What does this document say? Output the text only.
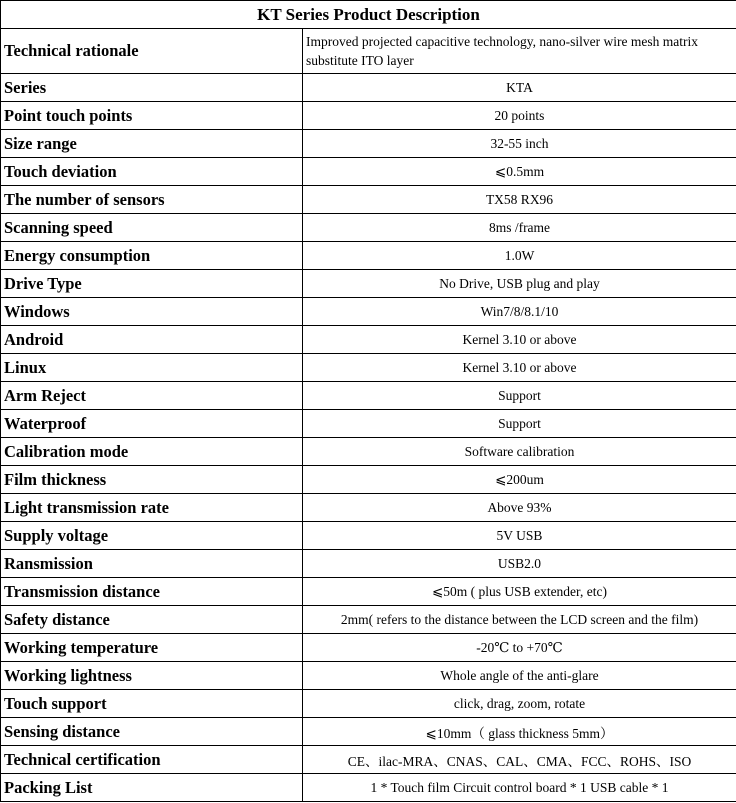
KT Series Product Description	
Technical rationale	Improved projected capacitive technology, nano-silver wire mesh matrix substitute ITO layer
Series	KTA
Point touch points	20 points
Size range	32-55 inch
Touch deviation	⩽0.5mm
The number of sensors	TX58 RX96
Scanning speed	8ms /frame
Energy consumption	1.0W
Drive Type	No Drive, USB plug and play
Windows	Win7/8/8.1/10
Android	Kernel 3.10 or above
Linux	Kernel 3.10 or above
Arm Reject	Support
Waterproof	Support
Calibration mode	Software calibration
Film thickness	⩽200um
Light transmission rate	Above 93%
Supply voltage	5V USB
Ransmission	USB2.0
Transmission distance	⩽50m ( plus USB extender, etc)
Safety distance	2mm( refers to the distance between the LCD screen and the film)
Working temperature	-20℃ to +70℃
Working lightness	Whole angle of the anti-glare
Touch support	click, drag, zoom, rotate
Sensing distance	⩽10mm（ glass thickness 5mm）
Technical certification	CE、ilac-MRA、CNAS、CAL、CMA、FCC、ROHS、ISO
Packing List	1 * Touch film Circuit control board * 1 USB cable * 1
